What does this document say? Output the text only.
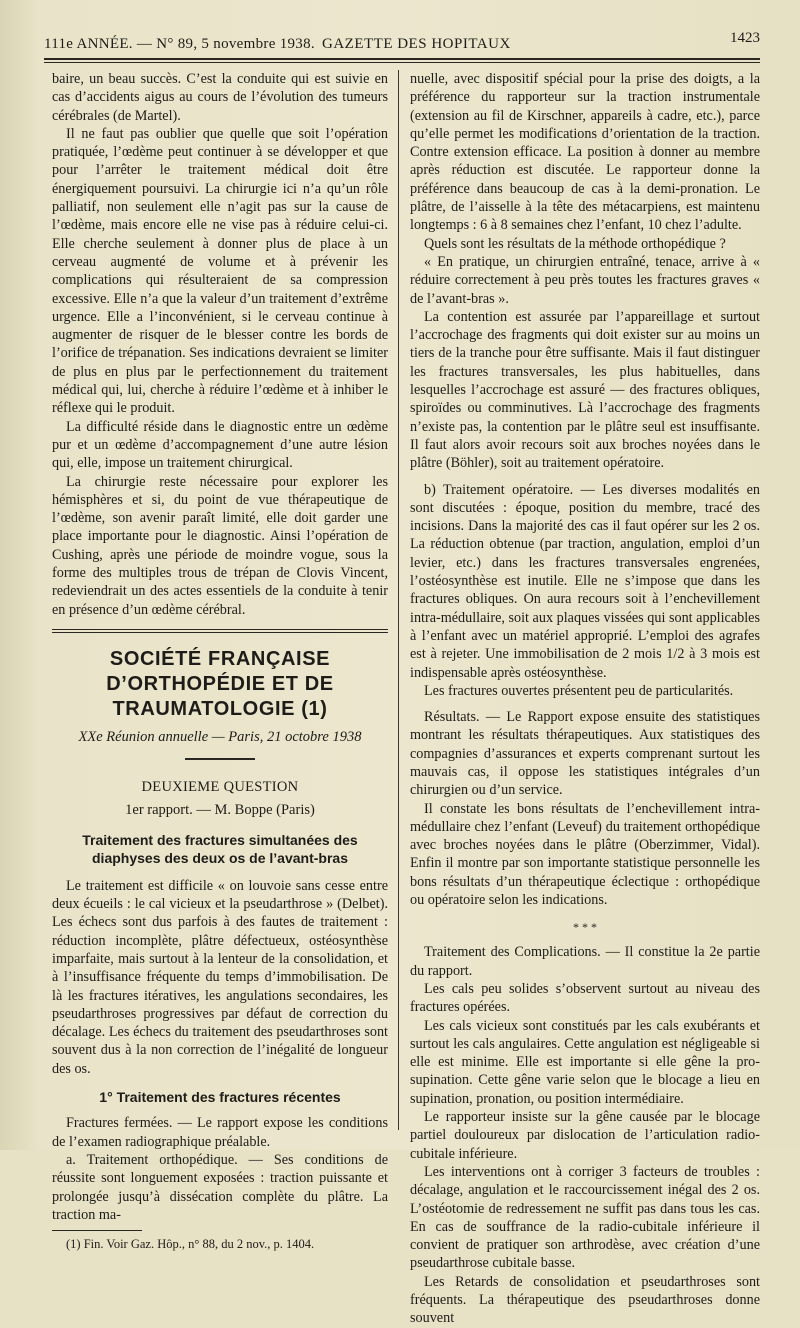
111e ANNÉE. — N° 89, 5 novembre 1938. GAZETTE DES HOPITAUX	1423

baire, un beau succès. C’est la conduite qui est suivie en cas d’accidents aigus au cours de l’évolution des tumeurs cérébrales (de Martel).

Il ne faut pas oublier que quelle que soit l’opération pratiquée, l’œdème peut continuer à se développer et que pour l’arrêter le traitement médical doit être énergiquement poursuivi. La chirurgie ici n’a qu’un rôle palliatif, non seulement elle n’agit pas sur la cause de l’œdème, mais encore elle ne vise pas à réduire celui-ci. Elle cherche seulement à donner plus de place à un cerveau augmenté de volume et à prévenir les complications qui résulteraient de sa compression excessive. Elle n’a que la valeur d’un traitement d’extrême urgence. Elle a l’inconvénient, si le cerveau continue à augmenter de risquer de le blesser contre les bords de l’orifice de trépanation. Ses indications devraient se limiter de plus en plus par le perfectionnement du traitement médical qui, lui, cherche à réduire l’œdème et à inhiber le réflexe qui le produit.

La difficulté réside dans le diagnostic entre un œdème pur et un œdème d’accompagnement d’une autre lésion qui, elle, impose un traitement chirurgical.

La chirurgie reste nécessaire pour explorer les hémisphères et si, du point de vue thérapeutique de l’œdème, son avenir paraît limité, elle doit garder une place importante pour le diagnostic. Ainsi l’opération de Cushing, après une période de moindre vogue, sous la forme des multiples trous de trépan de Clovis Vincent, redeviendrait un des actes essentiels de la conduite à tenir en présence d’un œdème cérébral.

SOCIÉTÉ FRANÇAISE D’ORTHOPÉDIE ET DE TRAUMATOLOGIE (1)
XXe Réunion annuelle — Paris, 21 octobre 1938
DEUXIEME QUESTION
1er rapport. — M. Boppe (Paris)
Traitement des fractures simultanées des diaphyses des deux os de l’avant-bras

Le traitement est difficile « on louvoie sans cesse entre deux écueils : le cal vicieux et la pseudarthrose » (Delbet). Les échecs sont dus parfois à des fautes de traitement : réduction incomplète, plâtre défectueux, ostéosynthèse imparfaite, mais surtout à la lenteur de la consolidation, et à l’insuffisance fréquente du temps d’immobilisation. De là les fractures itératives, les angulations secondaires, les pseudarthroses progressives par défaut de correction du décalage. Les échecs du traitement des pseudarthroses sont souvent dus à la non correction de l’inégalité de longueur des os.

1° Traitement des fractures récentes

Fractures fermées. — Le rapport expose les conditions de l’examen radiographique préalable.

a. Traitement orthopédique. — Ses conditions de réussite sont longuement exposées : traction puissante et prolongée jusqu’à dissécation complète du plâtre. La traction ma-

(1) Fin. Voir Gaz. Hôp., n° 88, du 2 nov., p. 1404.

nuelle, avec dispositif spécial pour la prise des doigts, a la préférence du rapporteur sur la traction instrumentale (extension au fil de Kirschner, appareils à cadre, etc.), parce qu’elle permet les modifications d’orientation de la traction. Contre extension efficace. La position à donner au membre après réduction est discutée. Le rapporteur donne la préférence dans beaucoup de cas à la demi-pronation. Le plâtre, de l’aisselle à la tête des métacarpiens, est maintenu longtemps : 6 à 8 semaines chez l’enfant, 10 chez l’adulte.

Quels sont les résultats de la méthode orthopédique ?

« En pratique, un chirurgien entraîné, tenace, arrive à « réduire correctement à peu près toutes les fractures graves « de l’avant-bras ».

La contention est assurée par l’appareillage et surtout l’accrochage des fragments qui doit exister sur au moins un tiers de la tranche pour être suffisante. Mais il faut distinguer les fractures transversales, les plus habituelles, dans lesquelles l’accrochage est assuré — des fractures obliques, spiroïdes ou comminutives. Là l’accrochage des fragments n’existe pas, la contention par le plâtre seul est insuffisante. Il faut alors avoir recours soit aux broches noyées dans le plâtre (Böhler), soit au traitement opératoire.

b) Traitement opératoire. — Les diverses modalités en sont discutées : époque, position du membre, tracé des incisions. Dans la majorité des cas il faut opérer sur les 2 os. La réduction obtenue (par traction, angulation, emploi d’un levier, etc.) dans les fractures transversales engrenées, l’ostéosynthèse est inutile. Elle ne s’impose que dans les fractures obliques. On aura recours soit à l’enchevillement intra-médullaire, soit aux plaques vissées qui sont applicables à l’enfant avec un matériel approprié. L’emploi des agrafes est à rejeter. Une immobilisation de 2 mois 1/2 à 3 mois est indispensable après ostéosynthèse.

Les fractures ouvertes présentent peu de particularités.

Résultats. — Le Rapport expose ensuite des statistiques montrant les résultats thérapeutiques. Aux statistiques des compagnies d’assurances et experts comprenant surtout les mauvais cas, il oppose les statistiques intégrales d’un chirurgien ou d’un service.

Il constate les bons résultats de l’enchevillement intra-médullaire chez l’enfant (Leveuf) du traitement orthopédique avec broches noyées dans le plâtre (Oberzimmer, Vidal). Enfin il montre par son importante statistique personnelle les bons résultats d’un thérapeutique éclectique : orthopédique ou opératoire selon les indications.

* * *

Traitement des Complications. — Il constitue la 2e partie du rapport.

Les cals peu solides s’observent surtout au niveau des fractures opérées.

Les cals vicieux sont constitués par les cals exubérants et surtout les cals angulaires. Cette angulation est négligeable si elle est minime. Elle est importante si elle gêne la pro-supination. Cette gêne varie selon que le blocage a lieu en supination, pronation, ou position intermédiaire.

Le rapporteur insiste sur la gêne causée par le blocage partiel douloureux par dislocation de l’articulation radio-cubitale inférieure.

Les interventions ont à corriger 3 facteurs de troubles : décalage, angulation et le raccourcissement inégal des 2 os. L’ostéotomie de redressement ne suffit pas dans tous les cas. En cas de souffrance de la radio-cubitale inférieure il convient de pratiquer son arthrodèse, avec création d’une pseudarthrose cubitale basse.

Les Retards de consolidation et pseudarthroses sont fréquents. La thérapeutique des pseudarthroses donne souvent
